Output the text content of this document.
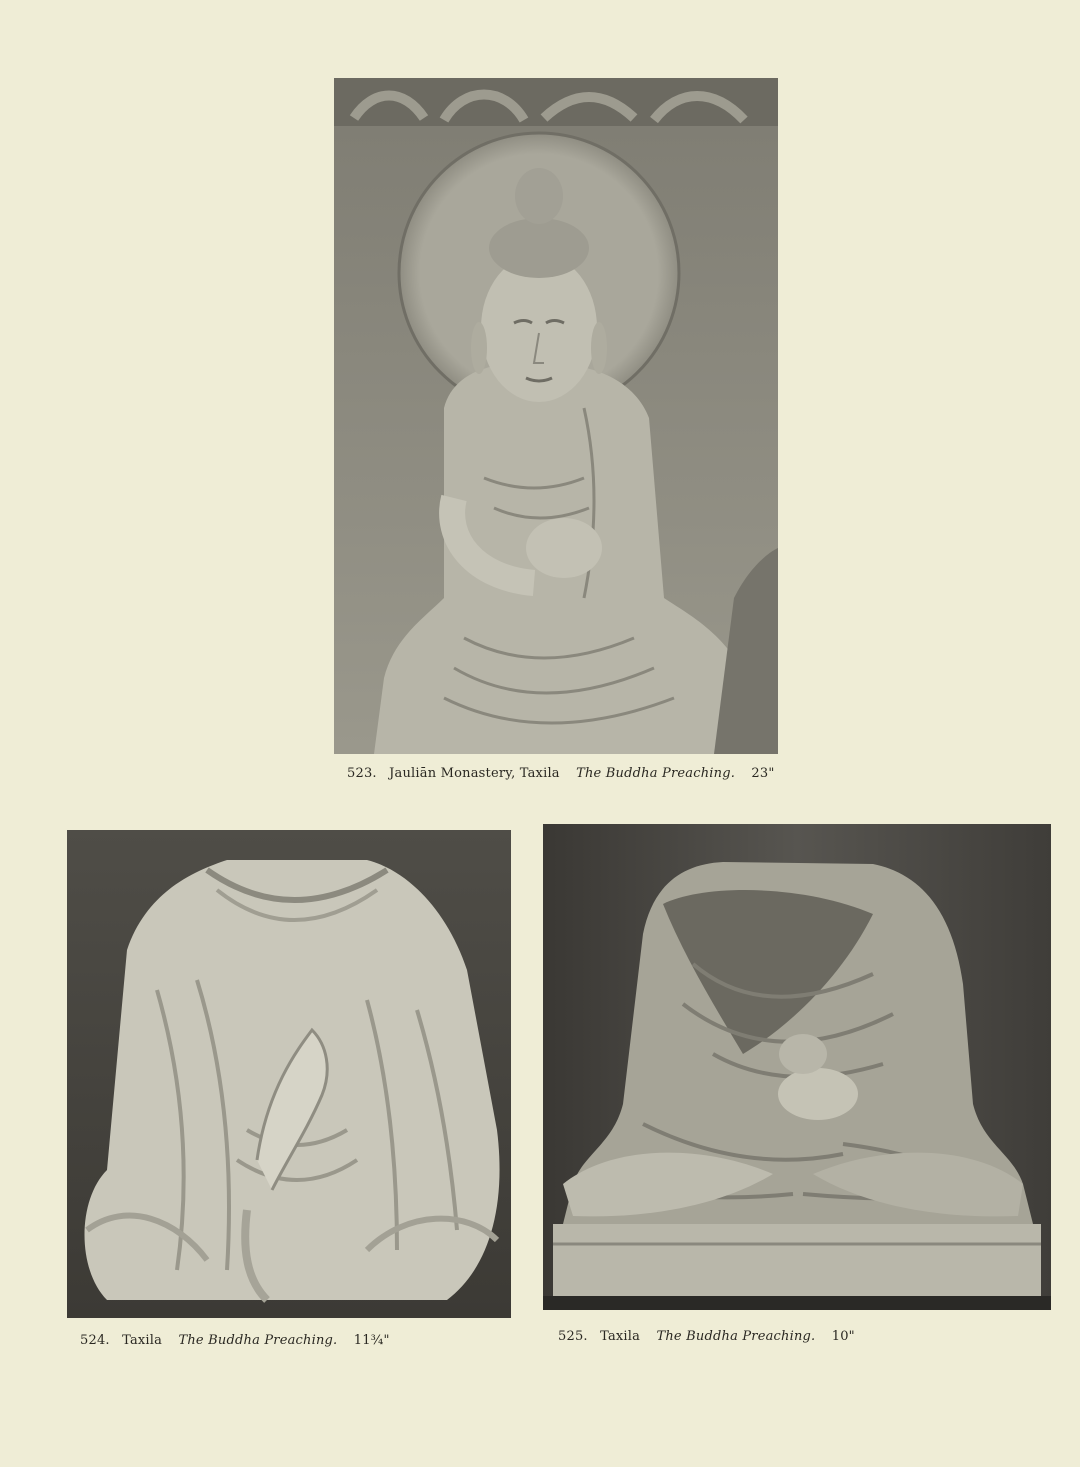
523. Jauliān Monastery, Taxila The Buddha Preaching. 23"
524. Taxila The Buddha Preaching. 11¾"	525. Taxila The Buddha Preaching. 10"
